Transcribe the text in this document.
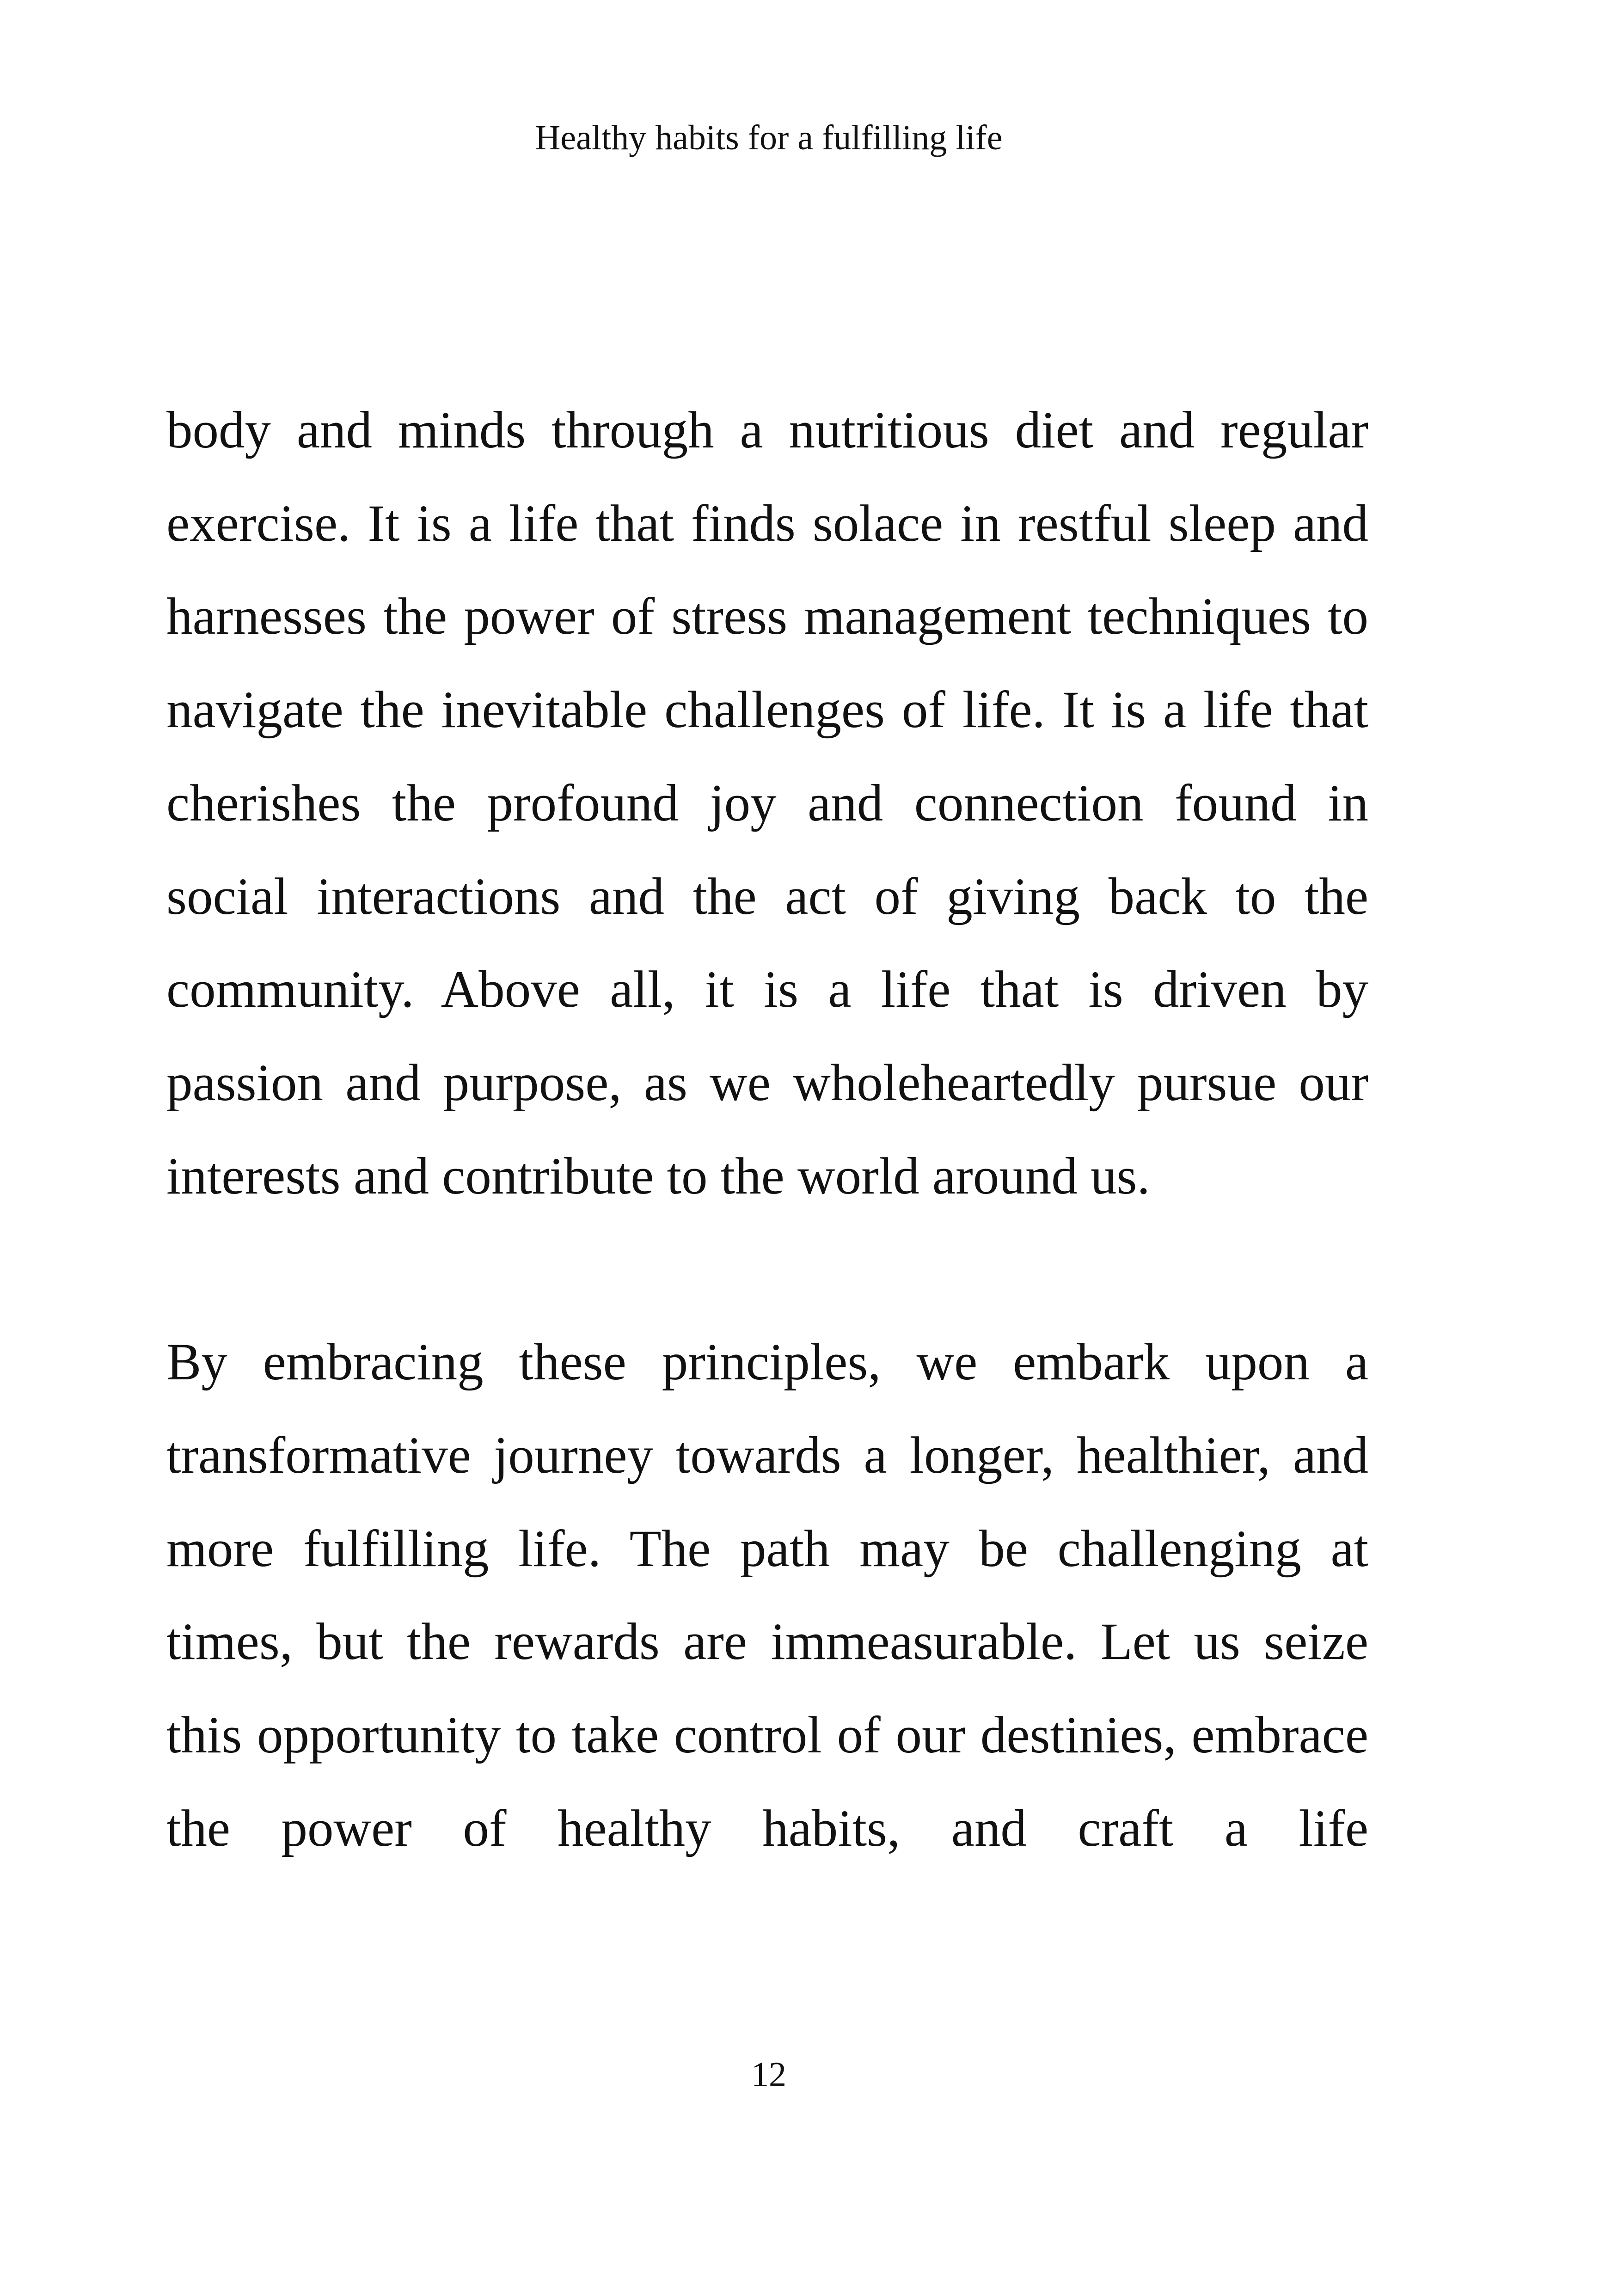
Healthy habits for a fulfilling life

body and minds through a nutritious diet and regular exercise. It is a life that finds solace in restful sleep and harnesses the power of stress management techniques to navigate the inevitable challenges of life. It is a life that cherishes the profound joy and connection found in social interactions and the act of giving back to the community. Above all, it is a life that is driven by passion and purpose, as we wholeheartedly pursue our interests and contribute to the world around us.

By embracing these principles, we embark upon a transformative journey towards a longer, healthier, and more fulfilling life. The path may be challenging at times, but the rewards are immeasurable. Let us seize this opportunity to take control of our destinies, embrace the power of healthy habits, and craft a life

12
